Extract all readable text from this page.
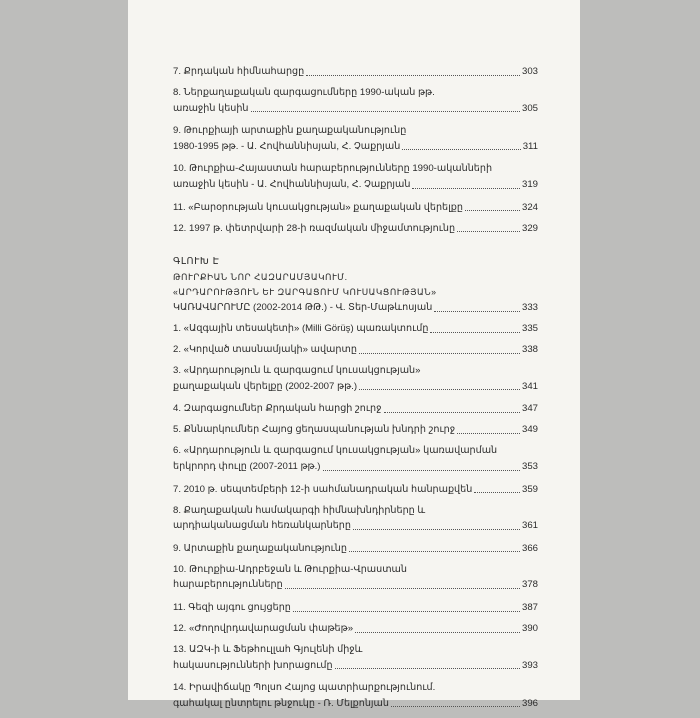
7. Քրդական հիմնահարցը	303
8. Ներքաղաքական զարգացումները 1990-ական թթ.
առաջին կեսին	305
9. Թուրքիայի արտաքին քաղաքականությունը
1980-1995 թթ. - Ա. Հովհաննիսյան, Հ. Չաքրյան	311
10. Թուրքիա-Հայաստան հարաբերությունները 1990-ականների
առաջին կեսին - Ա. Հովհաննիսյան, Հ. Չաքրյան	319
11. «Բարօրության կուսակցության» քաղաքական վերելքը	324
12. 1997 թ. փետրվարի 28-ի ռազմական միջամտությունը	329
ԳԼՈՒԽ Է
ԹՈՒՐՔԻԱՆ ՆՈՐ ՀԱԶԱՐԱՄՅԱԿՈՒՄ.
«ԱՐԴԱՐՈՒԹՅՈՒՆ ԵՒ ԶԱՐԳԱՑՈՒՄ ԿՈՒՍԱԿՑՈՒԹՅԱՆ»
ԿԱՌԱՎԱՐՈՒՄԸ (2002-2014 ԹԹ.) - Վ. Տեր-Մաթևոսյան	333
1. «Ազգային տեսակետի» (Milli Görüş) պառակտումը	335
2. «Կորված տասնամյակի» ավարտը	338
3. «Արդարություն և զարգացում կուսակցության»
քաղաքական վերելքը (2002-2007 թթ.)	341
4. Զարգացումներ Քրդական հարցի շուրջ	347
5. Քննարկումներ Հայոց ցեղասպանության խնդրի շուրջ	349
6. «Արդարություն և զարգացում կուսակցության» կառավարման
երկրորդ փուլը (2007-2011 թթ.)	353
7. 2010 թ. սեպտեմբերի 12-ի սահմանադրական հանրաքվեն	359
8. Քաղաքական համակարգի հիմնախնդիրները և
արդիականացման հեռանկարները	361
9. Արտաքին քաղաքականությունը	366
10. Թուրքիա-Ադրբեջան և Թուրքիա-Վրաստան
հարաբերությունները	378
11. Գեզի այգու ցույցերը	387
12. «Ժողովրդավարացման փաթեթ»	390
13. ԱԶԿ-ի և Ֆեթհուլլահ Գյուլենի միջև
հակասությունների խորացումը	393
14. Իրավիճակը Պոլսո Հայոց պատրիարքությունում.
գահակալ ընտրելու թնջուկը - Ռ. Մելքոնյան	396
